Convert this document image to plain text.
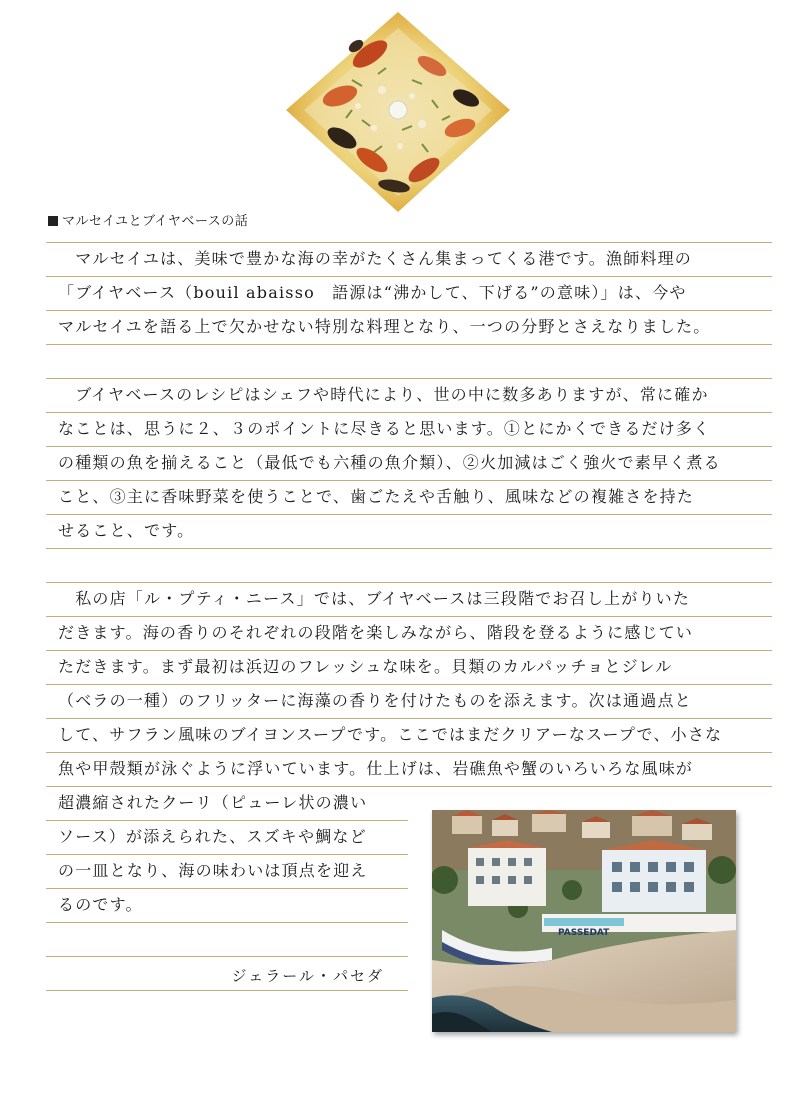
マルセイユとブイヤベースの話
　マルセイユは、美味で豊かな海の幸がたくさん集まってくる港です。漁師料理の
「ブイヤベース（bouil abaisso　語源は“沸かして、下げる”の意味）」は、今や
マルセイユを語る上で欠かせない特別な料理となり、一つの分野とさえなりました。
　ブイヤベースのレシピはシェフや時代により、世の中に数多ありますが、常に確か
なことは、思うに２、３のポイントに尽きると思います。①とにかくできるだけ多く
の種類の魚を揃えること（最低でも六種の魚介類）、②火加減はごく強火で素早く煮る
こと、③主に香味野菜を使うことで、歯ごたえや舌触り、風味などの複雑さを持た
せること、です。
　私の店「ル・プティ・ニース」では、ブイヤベースは三段階でお召し上がりいた
だきます。海の香りのそれぞれの段階を楽しみながら、階段を登るように感じてい
ただきます。まず最初は浜辺のフレッシュな味を。貝類のカルパッチョとジレル
（ベラの一種）のフリッターに海藻の香りを付けたものを添えます。次は通過点と
して、サフラン風味のブイヨンスープです。ここではまだクリアーなスープで、小さな
魚や甲殻類が泳ぐように浮いています。仕上げは、岩礁魚や蟹のいろいろな風味が
超濃縮されたクーリ（ピューレ状の濃い
ソース）が添えられた、スズキや鯛など
の一皿となり、海の味わいは頂点を迎え
るのです。
ジェラール・パセダ
PASSEDAT
